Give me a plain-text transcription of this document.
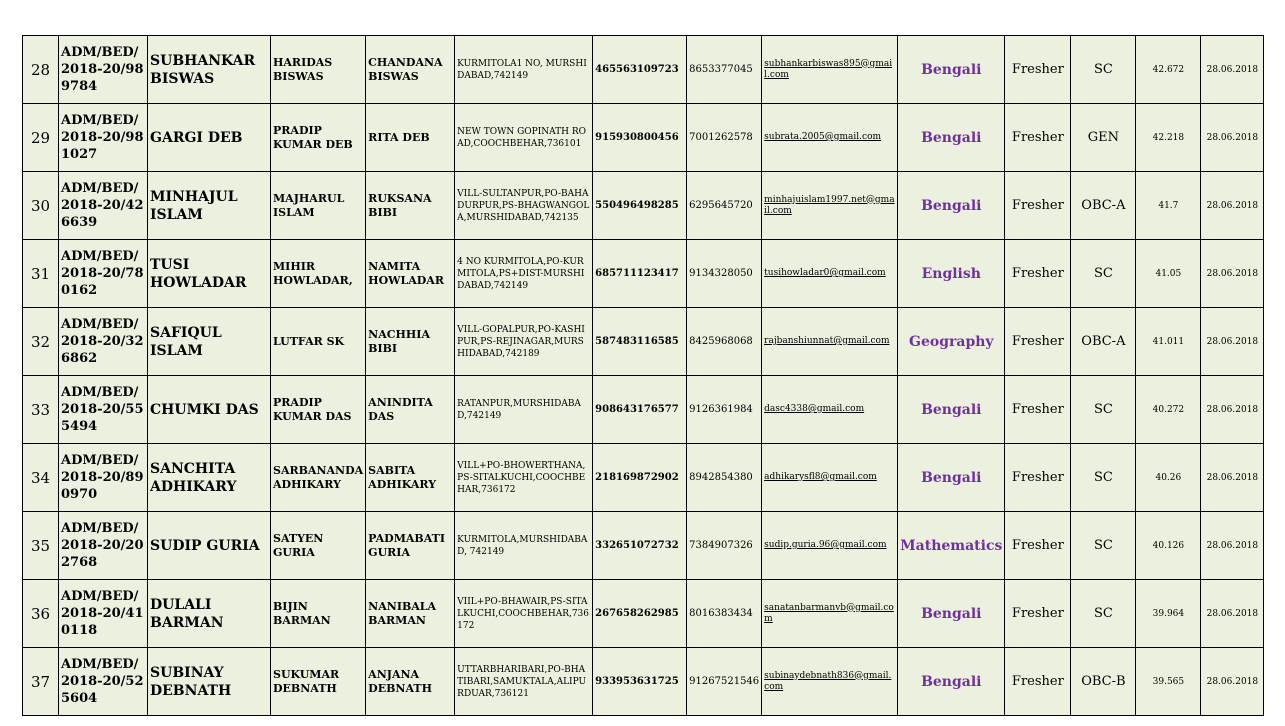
28	ADM/BED/2018-20/989784	SUBHANKAR BISWAS	HARIDAS BISWAS	CHANDANA BISWAS	KURMITOLA1 NO, MURSHIDABAD,742149	465563109723	8653377045	subhankarbiswas895@gmail.com	Bengali	Fresher	SC	42.672	28.06.2018
29	ADM/BED/2018-20/981027	GARGI DEB	PRADIP KUMAR DEB	RITA DEB	NEW TOWN GOPINATH ROAD,COOCHBEHAR,736101	915930800456	7001262578	subrata.2005@gmail.com	Bengali	Fresher	GEN	42.218	28.06.2018
30	ADM/BED/2018-20/426639	MINHAJUL ISLAM	MAJHARUL ISLAM	RUKSANA BIBI	VILL-SULTANPUR,PO-BAHADURPUR,PS-BHAGWANGOLA,MURSHIDABAD,742135	550496498285	6295645720	minhajuislam1997.net@gmail.com	Bengali	Fresher	OBC-A	41.7	28.06.2018
31	ADM/BED/2018-20/780162	TUSI HOWLADAR	MIHIR HOWLADAR,	NAMITA HOWLADAR	4 NO KURMITOLA,PO-KURMITOLA,PS+DIST-MURSHIDABAD,742149	685711123417	9134328050	tusihowladar0@gmail.com	English	Fresher	SC	41.05	28.06.2018
32	ADM/BED/2018-20/326862	SAFIQUL ISLAM	LUTFAR SK	NACHHIA BIBI	VILL-GOPALPUR,PO-KASHIPUR,PS-REJINAGAR,MURSHIDABAD,742189	587483116585	8425968068	rajbanshiunnat@gmail.com	Geography	Fresher	OBC-A	41.011	28.06.2018
33	ADM/BED/2018-20/555494	CHUMKI DAS	PRADIP KUMAR DAS	ANINDITA DAS	RATANPUR,MURSHIDABAD,742149	908643176577	9126361984	dasc4338@gmail.com	Bengali	Fresher	SC	40.272	28.06.2018
34	ADM/BED/2018-20/890970	SANCHITA ADHIKARY	SARBANANDA ADHIKARY	SABITA ADHIKARY	VILL+PO-BHOWERTHANA,PS-SITALKUCHI,COOCHBEHAR,736172	218169872902	8942854380	adhikarysfl8@gmail.com	Bengali	Fresher	SC	40.26	28.06.2018
35	ADM/BED/2018-20/202768	SUDIP GURIA	SATYEN GURIA	PADMABATI GURIA	KURMITOLA,MURSHIDABAD, 742149	332651072732	7384907326	sudip.guria.96@gmail.com	Mathematics	Fresher	SC	40.126	28.06.2018
36	ADM/BED/2018-20/410118	DULALI BARMAN	BIJIN BARMAN	NANIBALA BARMAN	VIIL+PO-BHAWAIR,PS-SITALKUCHI,COOCHBEHAR,736172	267658262985	8016383434	sanatanbarmanvb@gmail.com	Bengali	Fresher	SC	39.964	28.06.2018
37	ADM/BED/2018-20/525604	SUBINAY DEBNATH	SUKUMAR DEBNATH	ANJANA DEBNATH	UTTARBHARIBARI,PO-BHATIBARI,SAMUKTALA,ALIPURDUAR,736121	933953631725	91267521546	subinaydebnath836@gmail.com	Bengali	Fresher	OBC-B	39.565	28.06.2018
